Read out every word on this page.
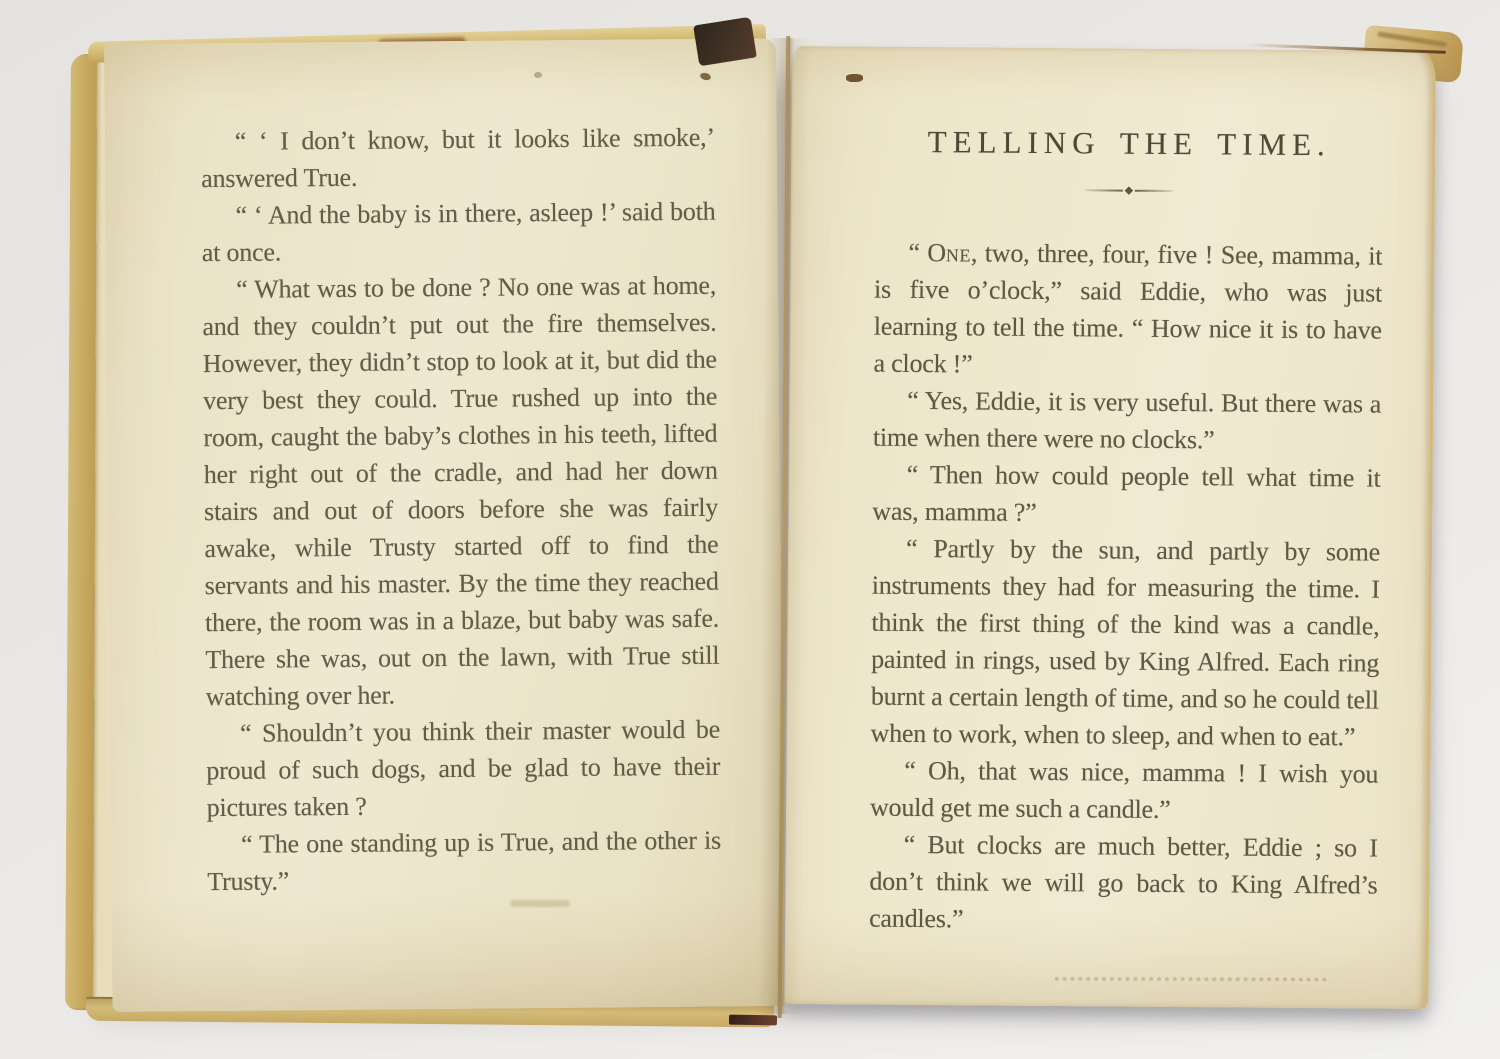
“ ‘ I don’t know, but it looks like smoke,’ answered True.

“ ‘ And the baby is in there, asleep !’ said both at once.

“ What was to be done ? No one was at home, and they couldn’t put out the fire themselves. However, they didn’t stop to look at it, but did the very best they could. True rushed up into the room, caught the baby’s clothes in his teeth, lifted her right out of the cradle, and had her down stairs and out of doors before she was fairly awake, while Trusty started off to find the servants and his master. By the time they reached there, the room was in a blaze, but baby was safe. There she was, out on the lawn, with True still watching over her.

“ Shouldn’t you think their master would be proud of such dogs, and be glad to have their pictures taken ?

“ The one standing up is True, and the other is Trusty.”

TELLING THE TIME.

“ One, two, three, four, five ! See, mamma, it is five o’clock,” said Eddie, who was just learning to tell the time. “ How nice it is to have a clock !”

“ Yes, Eddie, it is very useful. But there was a time when there were no clocks.”

“ Then how could people tell what time it was, mamma ?”

“ Partly by the sun, and partly by some instruments they had for measuring the time. I think the first thing of the kind was a candle, painted in rings, used by King Alfred. Each ring burnt a certain length of time, and so he could tell when to work, when to sleep, and when to eat.”

“ Oh, that was nice, mamma ! I wish you would get me such a candle.”

“ But clocks are much better, Eddie ; so I don’t think we will go back to King Alfred’s candles.”
